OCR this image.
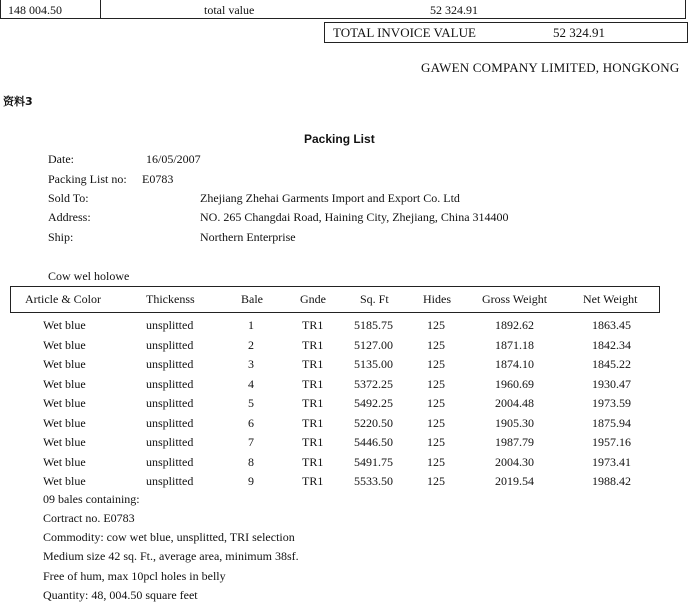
148 004.50	total value	52 324.91
TOTAL INVOICE VALUE	52 324.91
GAWEN COMPANY LIMITED, HONGKONG
资料3
Packing List
Date:	16/05/2007
Packing List no: E0783
Sold To:	Zhejiang Zhehai Garments Import and Export Co. Ltd
Address:	NO. 265 Changdai Road, Haining City, Zhejiang, China 314400
Ship:	Northern Enterprise
Cow wel holowe
Article & Color	Thickenss	Bale	Gnde	Sq. Ft	Hides	Gross Weight	Net Weight
Wet blue	unsplitted	1	TR1	5185.75	125	1892.62	1863.45
Wet blue	unsplitted	2	TR1	5127.00	125	1871.18	1842.34
Wet blue	unsplitted	3	TR1	5135.00	125	1874.10	1845.22
Wet blue	unsplitted	4	TR1	5372.25	125	1960.69	1930.47
Wet blue	unsplitted	5	TR1	5492.25	125	2004.48	1973.59
Wet blue	unsplitted	6	TR1	5220.50	125	1905.30	1875.94
Wet blue	unsplitted	7	TR1	5446.50	125	1987.79	1957.16
Wet blue	unsplitted	8	TR1	5491.75	125	2004.30	1973.41
Wet blue	unsplitted	9	TR1	5533.50	125	2019.54	1988.42
09 bales containing:
Cortract no. E0783
Commodity: cow wet blue, unsplitted, TRI selection
Medium size 42 sq. Ft., average area, minimum 38sf.
Free of hum, max 10pcl holes in belly
Quantity: 48, 004.50 square feet
